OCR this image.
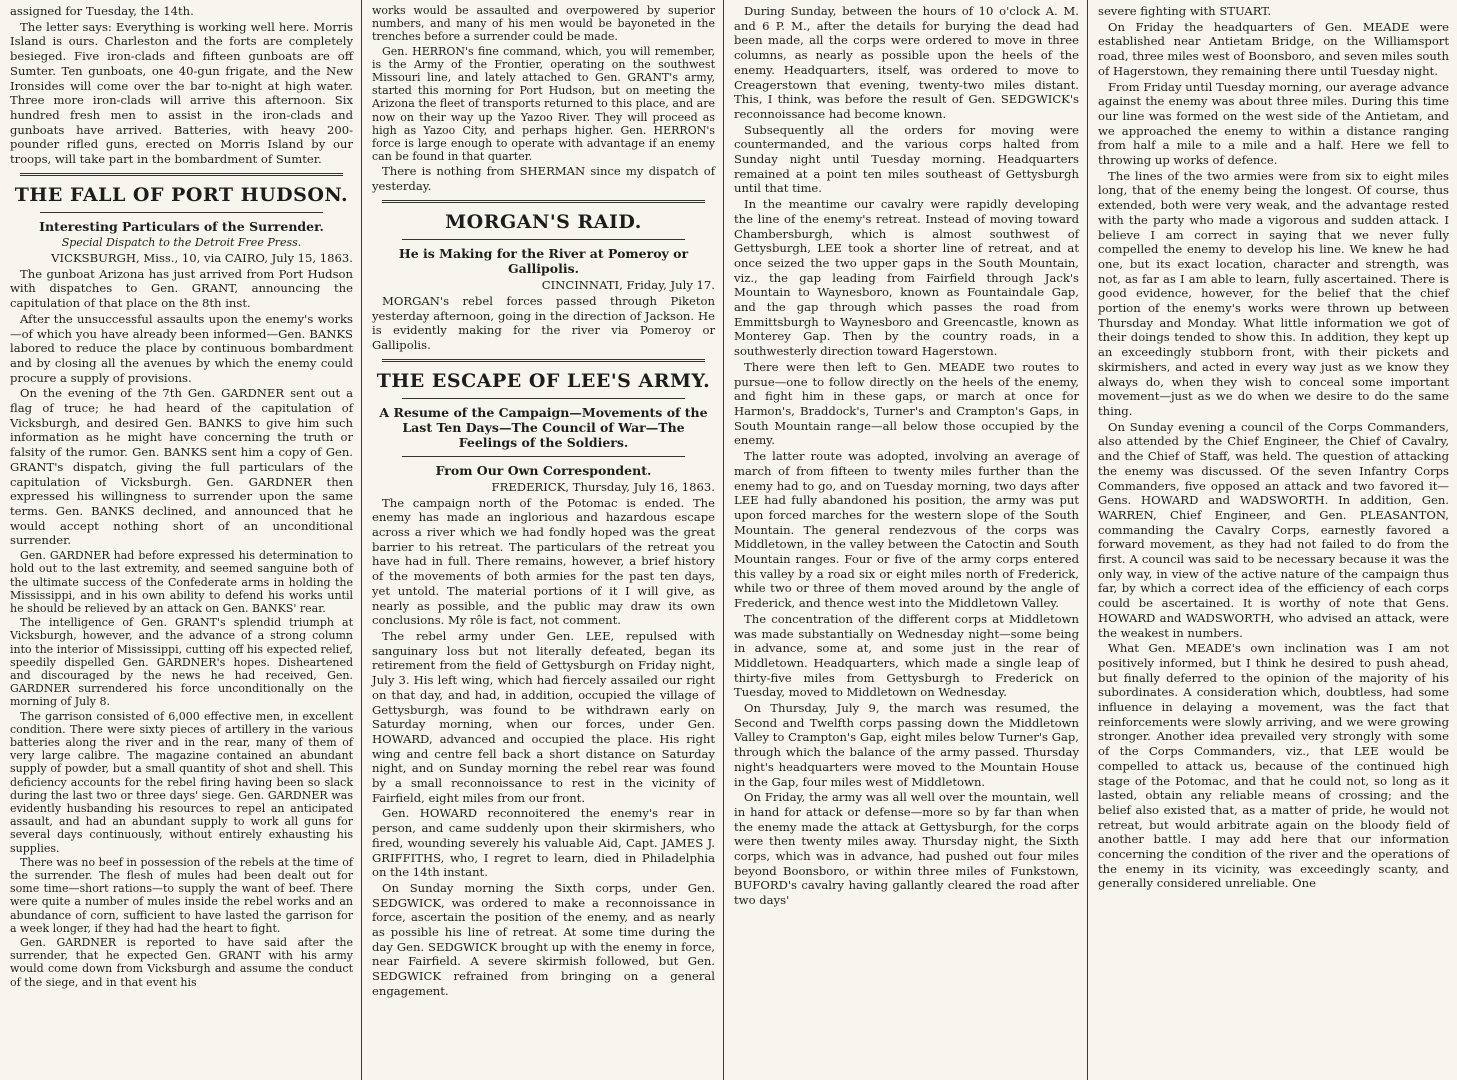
assigned for Tuesday, the 14th.

The letter says: Everything is working well here. Morris Island is ours. Charleston and the forts are completely besieged. Five iron-clads and fifteen gunboats are off Sumter. Ten gunboats, one 40-gun frigate, and the New Ironsides will come over the bar to-night at high water. Three more iron-clads will arrive this afternoon. Six hundred fresh men to assist in the iron-clads and gunboats have arrived. Batteries, with heavy 200-pounder rifled guns, erected on Morris Island by our troops, will take part in the bombardment of Sumter.

THE FALL OF PORT HUDSON.
Interesting Particulars of the Surrender.
Special Dispatch to the Detroit Free Press.
VICKSBURGH, Miss., 10, via CAIRO, July 15, 1863.

The gunboat Arizona has just arrived from Port Hudson with dispatches to Gen. GRANT, announcing the capitulation of that place on the 8th inst.

After the unsuccessful assaults upon the enemy's works—of which you have already been informed—Gen. BANKS labored to reduce the place by continuous bombardment and by closing all the avenues by which the enemy could procure a supply of provisions.

On the evening of the 7th Gen. GARDNER sent out a flag of truce; he had heard of the capitulation of Vicksburgh, and desired Gen. BANKS to give him such information as he might have concerning the truth or falsity of the rumor. Gen. BANKS sent him a copy of Gen. GRANT's dispatch, giving the full particulars of the capitulation of Vicksburgh. Gen. GARDNER then expressed his willingness to surrender upon the same terms. Gen. BANKS declined, and announced that he would accept nothing short of an unconditional surrender.

Gen. GARDNER had before expressed his determination to hold out to the last extremity, and seemed sanguine both of the ultimate success of the Confederate arms in holding the Mississippi, and in his own ability to defend his works until he should be relieved by an attack on Gen. BANKS' rear.

The intelligence of Gen. GRANT's splendid triumph at Vicksburgh, however, and the advance of a strong column into the interior of Mississippi, cutting off his expected relief, speedily dispelled Gen. GARDNER's hopes. Disheartened and discouraged by the news he had received, Gen. GARDNER surrendered his force unconditionally on the morning of July 8.

The garrison consisted of 6,000 effective men, in excellent condition. There were sixty pieces of artillery in the various batteries along the river and in the rear, many of them of very large calibre. The magazine contained an abundant supply of powder, but a small quantity of shot and shell. This deficiency accounts for the rebel firing having been so slack during the last two or three days' siege. Gen. GARDNER was evidently husbanding his resources to repel an anticipated assault, and had an abundant supply to work all guns for several days continuously, without entirely exhausting his supplies.

There was no beef in possession of the rebels at the time of the surrender. The flesh of mules had been dealt out for some time—short rations—to supply the want of beef. There were quite a number of mules inside the rebel works and an abundance of corn, sufficient to have lasted the garrison for a week longer, if they had had the heart to fight.

Gen. GARDNER is reported to have said after the surrender, that he expected Gen. GRANT with his army would come down from Vicksburgh and assume the conduct of the siege, and in that event his

works would be assaulted and overpowered by superior numbers, and many of his men would be bayoneted in the trenches before a surrender could be made.

Gen. HERRON's fine command, which, you will remember, is the Army of the Frontier, operating on the southwest Missouri line, and lately attached to Gen. GRANT's army, started this morning for Port Hudson, but on meeting the Arizona the fleet of transports returned to this place, and are now on their way up the Yazoo River. They will proceed as high as Yazoo City, and perhaps higher. Gen. HERRON's force is large enough to operate with advantage if an enemy can be found in that quarter.

There is nothing from SHERMAN since my dispatch of yesterday.

MORGAN'S RAID.
He is Making for the River at Pomeroy or Gallipolis.
CINCINNATI, Friday, July 17.

MORGAN's rebel forces passed through Piketon yesterday afternoon, going in the direction of Jackson. He is evidently making for the river via Pomeroy or Gallipolis.

THE ESCAPE OF LEE'S ARMY.
A Resume of the Campaign—Movements of the Last Ten Days—The Council of War—The Feelings of the Soldiers.
From Our Own Correspondent.
FREDERICK, Thursday, July 16, 1863.

The campaign north of the Potomac is ended. The enemy has made an inglorious and hazardous escape across a river which we had fondly hoped was the great barrier to his retreat. The particulars of the retreat you have had in full. There remains, however, a brief history of the movements of both armies for the past ten days, yet untold. The material portions of it I will give, as nearly as possible, and the public may draw its own conclusions. My rôle is fact, not comment.

The rebel army under Gen. LEE, repulsed with sanguinary loss but not literally defeated, began its retirement from the field of Gettysburgh on Friday night, July 3. His left wing, which had fiercely assailed our right on that day, and had, in addition, occupied the village of Gettysburgh, was found to be withdrawn early on Saturday morning, when our forces, under Gen. HOWARD, advanced and occupied the place. His right wing and centre fell back a short distance on Saturday night, and on Sunday morning the rebel rear was found by a small reconnoissance to rest in the vicinity of Fairfield, eight miles from our front.

Gen. HOWARD reconnoitered the enemy's rear in person, and came suddenly upon their skirmishers, who fired, wounding severely his valuable Aid, Capt. JAMES J. GRIFFITHS, who, I regret to learn, died in Philadelphia on the 14th instant.

On Sunday morning the Sixth corps, under Gen. SEDGWICK, was ordered to make a reconnoissance in force, ascertain the position of the enemy, and as nearly as possible his line of retreat. At some time during the day Gen. SEDGWICK brought up with the enemy in force, near Fairfield. A severe skirmish followed, but Gen. SEDGWICK refrained from bringing on a general engagement.

During Sunday, between the hours of 10 o'clock A. M. and 6 P. M., after the details for burying the dead had been made, all the corps were ordered to move in three columns, as nearly as possible upon the heels of the enemy. Headquarters, itself, was ordered to move to Creagerstown that evening, twenty-two miles distant. This, I think, was before the result of Gen. SEDGWICK's reconnoissance had become known.

Subsequently all the orders for moving were countermanded, and the various corps halted from Sunday night until Tuesday morning. Headquarters remained at a point ten miles southeast of Gettysburgh until that time.

In the meantime our cavalry were rapidly developing the line of the enemy's retreat. Instead of moving toward Chambersburgh, which is almost southwest of Gettysburgh, LEE took a shorter line of retreat, and at once seized the two upper gaps in the South Mountain, viz., the gap leading from Fairfield through Jack's Mountain to Waynesboro, known as Fountaindale Gap, and the gap through which passes the road from Emmittsburgh to Waynesboro and Greencastle, known as Monterey Gap. Then by the country roads, in a southwesterly direction toward Hagerstown.

There were then left to Gen. MEADE two routes to pursue—one to follow directly on the heels of the enemy, and fight him in these gaps, or march at once for Harmon's, Braddock's, Turner's and Crampton's Gaps, in South Mountain range—all below those occupied by the enemy.

The latter route was adopted, involving an average of march of from fifteen to twenty miles further than the enemy had to go, and on Tuesday morning, two days after LEE had fully abandoned his position, the army was put upon forced marches for the western slope of the South Mountain. The general rendezvous of the corps was Middletown, in the valley between the Catoctin and South Mountain ranges. Four or five of the army corps entered this valley by a road six or eight miles north of Frederick, while two or three of them moved around by the angle of Frederick, and thence west into the Middletown Valley.

The concentration of the different corps at Middletown was made substantially on Wednesday night—some being in advance, some at, and some just in the rear of Middletown. Headquarters, which made a single leap of thirty-five miles from Gettysburgh to Frederick on Tuesday, moved to Middletown on Wednesday.

On Thursday, July 9, the march was resumed, the Second and Twelfth corps passing down the Middletown Valley to Crampton's Gap, eight miles below Turner's Gap, through which the balance of the army passed. Thursday night's headquarters were moved to the Mountain House in the Gap, four miles west of Middletown.

On Friday, the army was all well over the mountain, well in hand for attack or defense—more so by far than when the enemy made the attack at Gettysburgh, for the corps were then twenty miles away. Thursday night, the Sixth corps, which was in advance, had pushed out four miles beyond Boonsboro, or within three miles of Funkstown, BUFORD's cavalry having gallantly cleared the road after two days'

severe fighting with STUART.

On Friday the headquarters of Gen. MEADE were established near Antietam Bridge, on the Williamsport road, three miles west of Boonsboro, and seven miles south of Hagerstown, they remaining there until Tuesday night.

From Friday until Tuesday morning, our average advance against the enemy was about three miles. During this time our line was formed on the west side of the Antietam, and we approached the enemy to within a distance ranging from half a mile to a mile and a half. Here we fell to throwing up works of defence.

The lines of the two armies were from six to eight miles long, that of the enemy being the longest. Of course, thus extended, both were very weak, and the advantage rested with the party who made a vigorous and sudden attack. I believe I am correct in saying that we never fully compelled the enemy to develop his line. We knew he had one, but its exact location, character and strength, was not, as far as I am able to learn, fully ascertained. There is good evidence, however, for the belief that the chief portion of the enemy's works were thrown up between Thursday and Monday. What little information we got of their doings tended to show this. In addition, they kept up an exceedingly stubborn front, with their pickets and skirmishers, and acted in every way just as we know they always do, when they wish to conceal some important movement—just as we do when we desire to do the same thing.

On Sunday evening a council of the Corps Commanders, also attended by the Chief Engineer, the Chief of Cavalry, and the Chief of Staff, was held. The question of attacking the enemy was discussed. Of the seven Infantry Corps Commanders, five opposed an attack and two favored it—Gens. HOWARD and WADSWORTH. In addition, Gen. WARREN, Chief Engineer, and Gen. PLEASANTON, commanding the Cavalry Corps, earnestly favored a forward movement, as they had not failed to do from the first. A council was said to be necessary because it was the only way, in view of the active nature of the campaign thus far, by which a correct idea of the efficiency of each corps could be ascertained. It is worthy of note that Gens. HOWARD and WADSWORTH, who advised an attack, were the weakest in numbers.

What Gen. MEADE's own inclination was I am not positively informed, but I think he desired to push ahead, but finally deferred to the opinion of the majority of his subordinates. A consideration which, doubtless, had some influence in delaying a movement, was the fact that reinforcements were slowly arriving, and we were growing stronger. Another idea prevailed very strongly with some of the Corps Commanders, viz., that LEE would be compelled to attack us, because of the continued high stage of the Potomac, and that he could not, so long as it lasted, obtain any reliable means of crossing; and the belief also existed that, as a matter of pride, he would not retreat, but would arbitrate again on the bloody field of another battle. I may add here that our information concerning the condition of the river and the operations of the enemy in its vicinity, was exceedingly scanty, and generally considered unreliable. One
